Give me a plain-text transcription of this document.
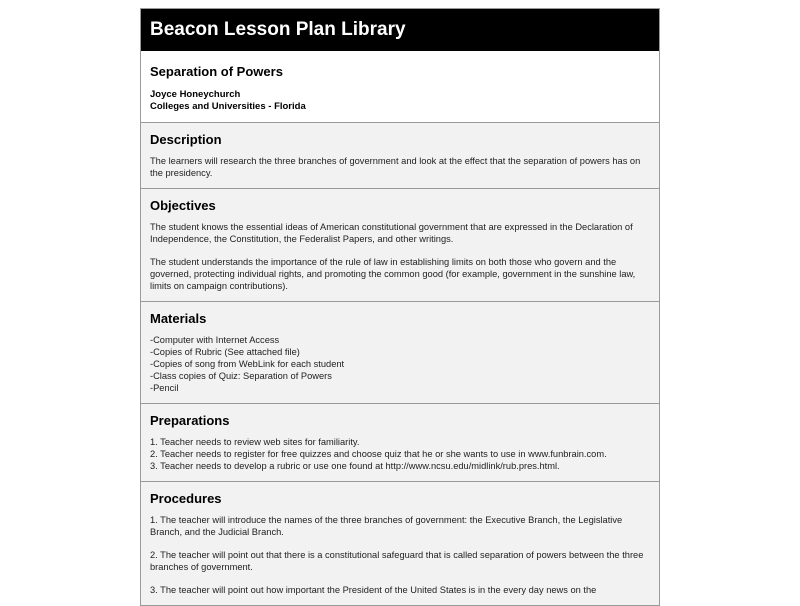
Beacon Lesson Plan Library
Separation of Powers
Joyce Honeychurch
Colleges and Universities - Florida
Description
The learners will research the three branches of government and look at the effect that the separation of powers has on the presidency.
Objectives

The student knows the essential ideas of American constitutional government that are expressed in the Declaration of Independence, the Constitution, the Federalist Papers, and other writings.

The student understands the importance of the rule of law in establishing limits on both those who govern and the governed, protecting individual rights, and promoting the common good (for example, government in the sunshine law, limits on campaign contributions).

Materials
-Computer with Internet Access
-Copies of Rubric (See attached file)
-Copies of song from WebLink for each student
-Class copies of Quiz: Separation of Powers
-Pencil
Preparations
1. Teacher needs to review web sites for familiarity.
2. Teacher needs to register for free quizzes and choose quiz that he or she wants to use in www.funbrain.com.
3. Teacher needs to develop a rubric or use one found at http://www.ncsu.edu/midlink/rub.pres.html.
Procedures

1. The teacher will introduce the names of the three branches of government: the Executive Branch, the Legislative Branch, and the Judicial Branch.

2. The teacher will point out that there is a constitutional safeguard that is called separation of powers between the three branches of government.

3. The teacher will point out how important the President of the United States is in the every day news on the
